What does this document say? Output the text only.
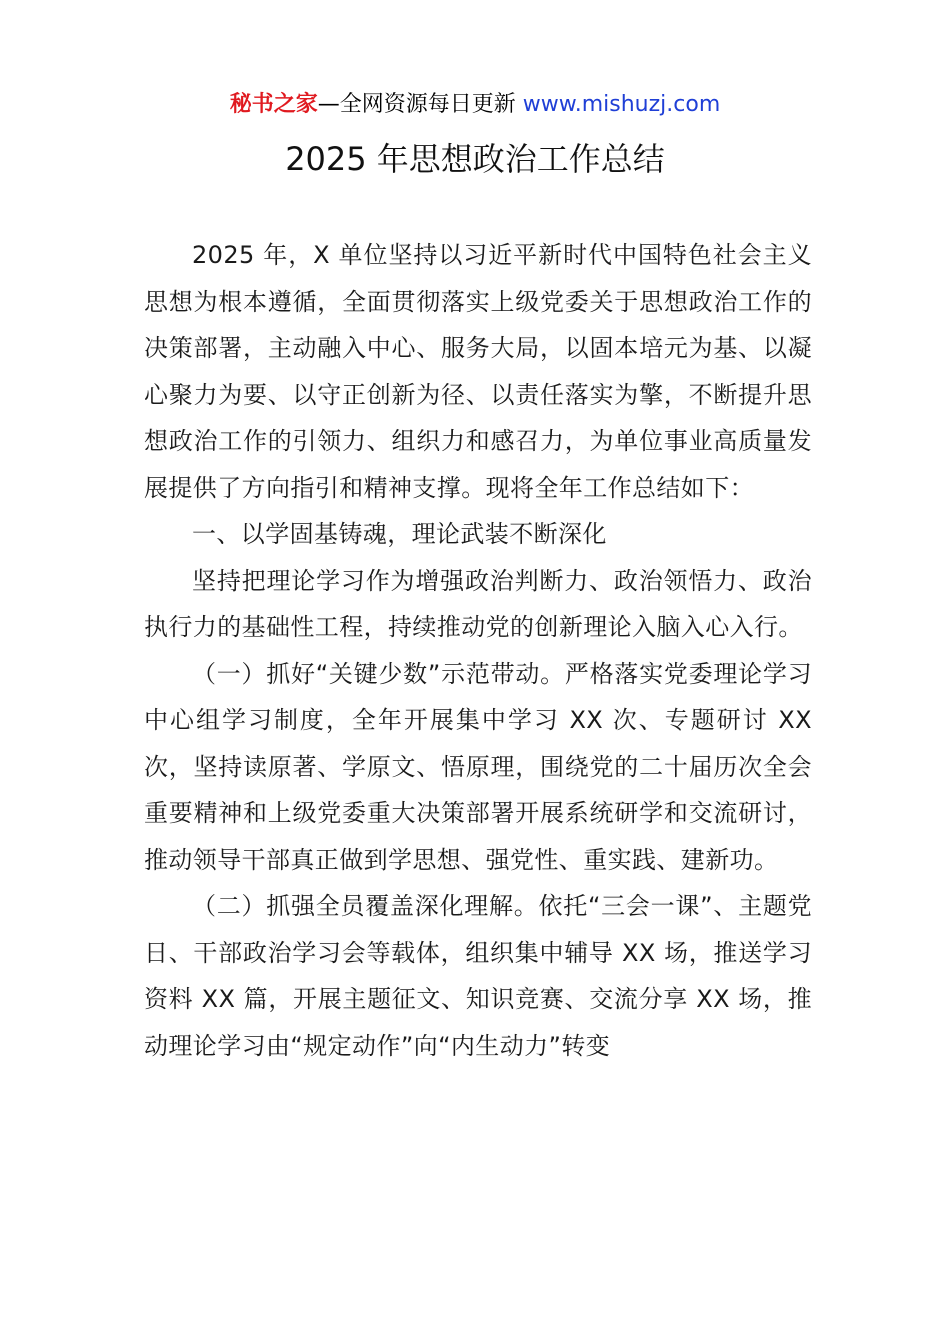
秘书之家—全网资源每日更新 www.mishuzj.com
2025 年思想政治工作总结

2025 年，X 单位坚持以习近平新时代中国特色社会主义思想为根本遵循，全面贯彻落实上级党委关于思想政治工作的决策部署，主动融入中心、服务大局，以固本培元为基、以凝心聚力为要、以守正创新为径、以责任落实为擎，不断提升思想政治工作的引领力、组织力和感召力，为单位事业高质量发展提供了方向指引和精神支撑。现将全年工作总结如下：

一、以学固基铸魂，理论武装不断深化

坚持把理论学习作为增强政治判断力、政治领悟力、政治执行力的基础性工程，持续推动党的创新理论入脑入心入行。

（一）抓好“关键少数”示范带动。严格落实党委理论学习中心组学习制度，全年开展集中学习 XX 次、专题研讨 XX 次，坚持读原著、学原文、悟原理，围绕党的二十届历次全会重要精神和上级党委重大决策部署开展系统研学和交流研讨，推动领导干部真正做到学思想、强党性、重实践、建新功。

（二）抓强全员覆盖深化理解。依托“三会一课”、主题党日、干部政治学习会等载体，组织集中辅导 XX 场，推送学习资料 XX 篇，开展主题征文、知识竞赛、交流分享 XX 场，推动理论学习由“规定动作”向“内生动力”转变
